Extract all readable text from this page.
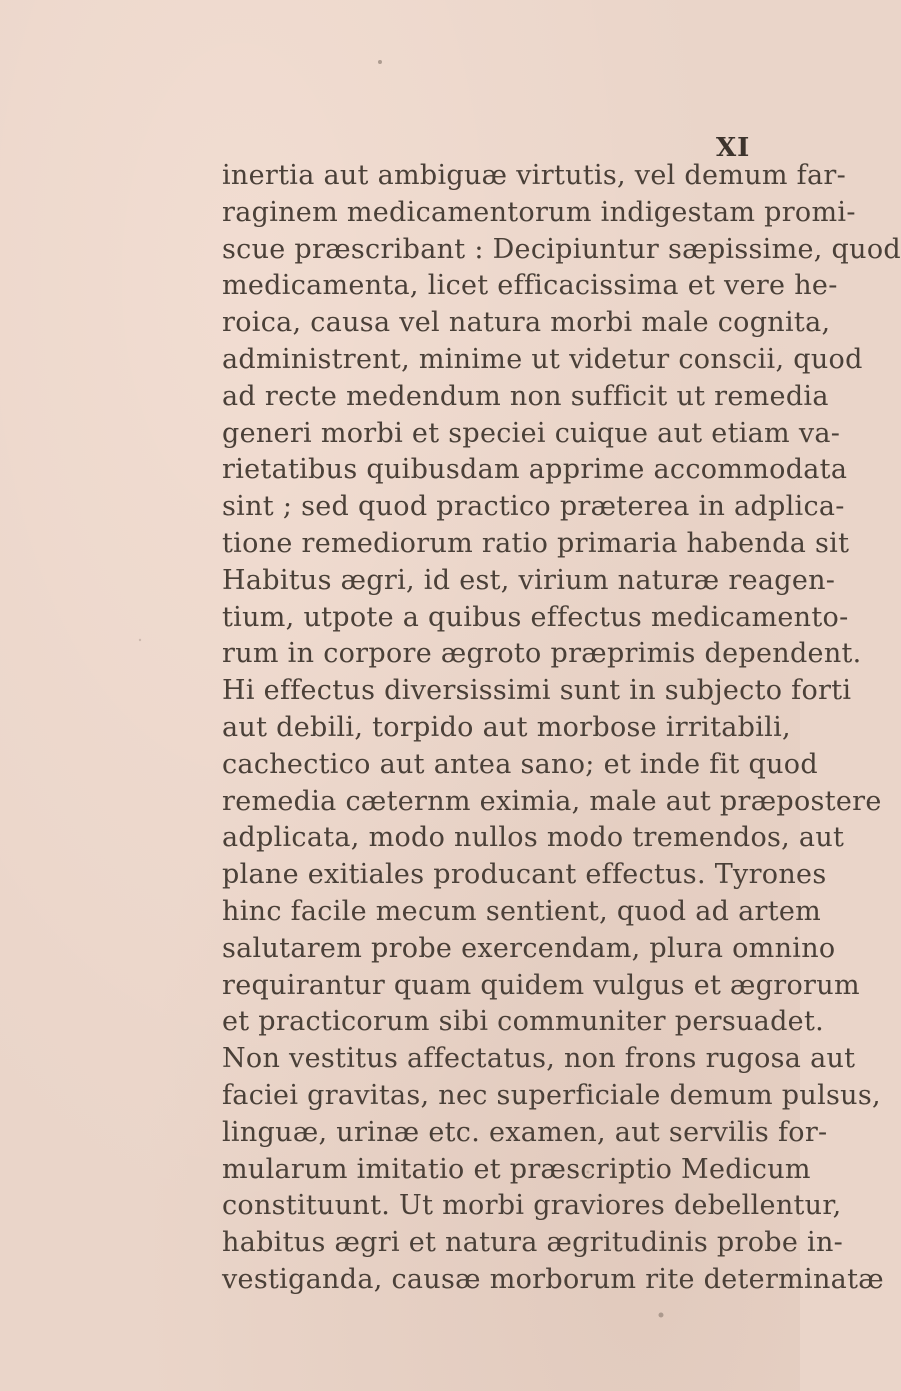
XI
inertia aut ambiguæ virtutis, vel demum far-
raginem medicamentorum indigestam promi-
scue præscribant : Decipiuntur sæpissime, quod
medicamenta, licet efficacissima et vere he-
roica, causa vel natura morbi male cognita,
administrent, minime ut videtur conscii, quod
ad recte medendum non sufficit ut remedia
generi morbi et speciei cuique aut etiam va-
rietatibus quibusdam apprime accommodata
sint ; sed quod practico præterea in adplica-
tione remediorum ratio primaria habenda sit
Habitus ægri, id est, virium naturæ reagen-
tium, utpote a quibus effectus medicamento-
rum in corpore ægroto præprimis dependent.
Hi effectus diversissimi sunt in subjecto forti
aut debili, torpido aut morbose irritabili,
cachectico aut antea sano; et inde fit quod
remedia cæternm eximia, male aut præpostere
adplicata, modo nullos modo tremendos, aut
plane exitiales producant effectus. Tyrones
hinc facile mecum sentient, quod ad artem
salutarem probe exercendam, plura omnino
requirantur quam quidem vulgus et ægrorum
et practicorum sibi communiter persuadet.
Non vestitus affectatus, non frons rugosa aut
faciei gravitas, nec superficiale demum pulsus,
linguæ, urinæ etc. examen, aut servilis for-
mularum imitatio et præscriptio Medicum
constituunt. Ut morbi graviores debellentur,
habitus ægri et natura ægritudinis probe in-
vestiganda, causæ morborum rite determinatæ
